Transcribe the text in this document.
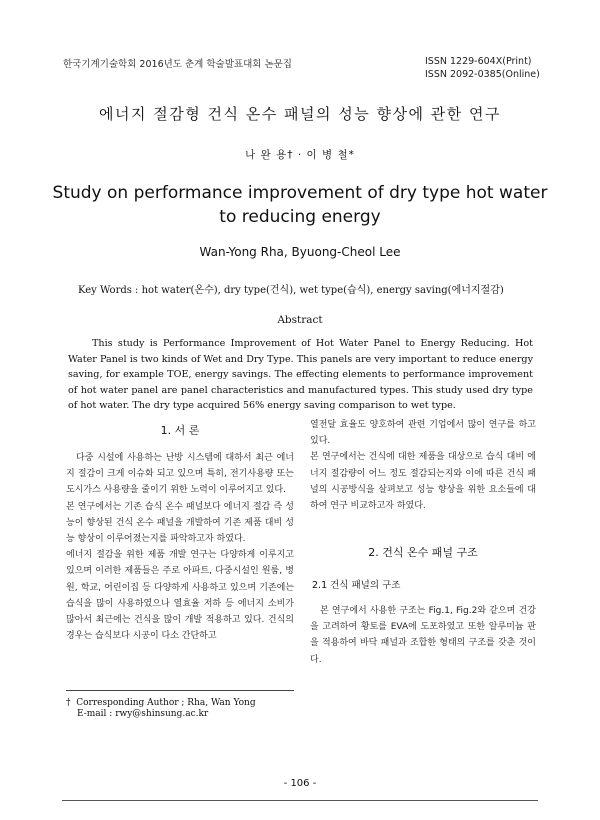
한국기계기술학회 2016년도 춘계 학술발표대회 논문집	ISSN 1229-604X(Print)
ISSN 2092-0385(Online)
에너지 절감형 건식 온수 패널의 성능 향상에 관한 연구
나 완 용† · 이 병 철*
Study on performance improvement of dry type hot water
to reducing energy
Wan-Yong Rha, Byuong-Cheol Lee
Key Words : hot water(온수), dry type(건식), wet type(습식), energy saving(에너지절감)
Abstract

This study is Performance Improvement of Hot Water Panel to Energy Reducing. Hot Water Panel is two kinds of Wet and Dry Type. This panels are very important to reduce energy saving, for example TOE, energy savings. The effecting elements to performance improvement of hot water panel are panel characteristics and manufactured types. This study used dry type of hot water. The dry type acquired 56% energy saving comparison to wet type.

1. 서 론

다중 시설에 사용하는 난방 시스템에 대하서 최근 에너지 절감이 크게 이슈화 되고 있으며 특히, 전기사용량 또는 도시가스 사용량을 줄이기 위한 노력이 이루어지고 있다.

본 연구에서는 기존 습식 온수 패널보다 에너지 절감 즉 성능이 향상된 건식 온수 패널을 개발하여 기존 제품 대비 성능 향상이 이루어졌는지를 파악하고자 하였다.

에너지 절감을 위한 제품 개발 연구는 다양하게 이루지고 있으며 이러한 제품들은 주로 아파트, 다중시설인 원룸, 병원, 학교, 어린이집 등 다양하게 사용하고 있으며 기존에는 습식을 많이 사용하였으나 열효율 저하 등 에너지 소비가 많아서 최근에는 건식을 많이 개발 적용하고 있다. 건식의 경우는 습식보다 시공이 다소 간단하고

열전달 효율도 양호하여 관련 기업에서 많이 연구를 하고 있다.

본 연구에서는 건식에 대한 제품을 대상으로 습식 대비 에너지 절감량이 어느 정도 절감되는지와 이에 따른 건식 패널의 시공방식을 살펴보고 성능 향상을 위한 요소들에 대하여 연구 비교하고자 하였다.

2. 건식 온수 패널 구조
2.1 건식 패널의 구조

본 연구에서 사용한 구조는 Fig.1, Fig.2와 같으며 건강을 고려하여 황토를 EVA에 도포하였고 또한 알루미늄 판을 적용하여 바닥 패널과 조합한 형태의 구조를 갖춘 것이다.

† Corresponding Author ; Rha, Wan Yong
E-mail : rwy@shinsung.ac.kr
- 106 -
